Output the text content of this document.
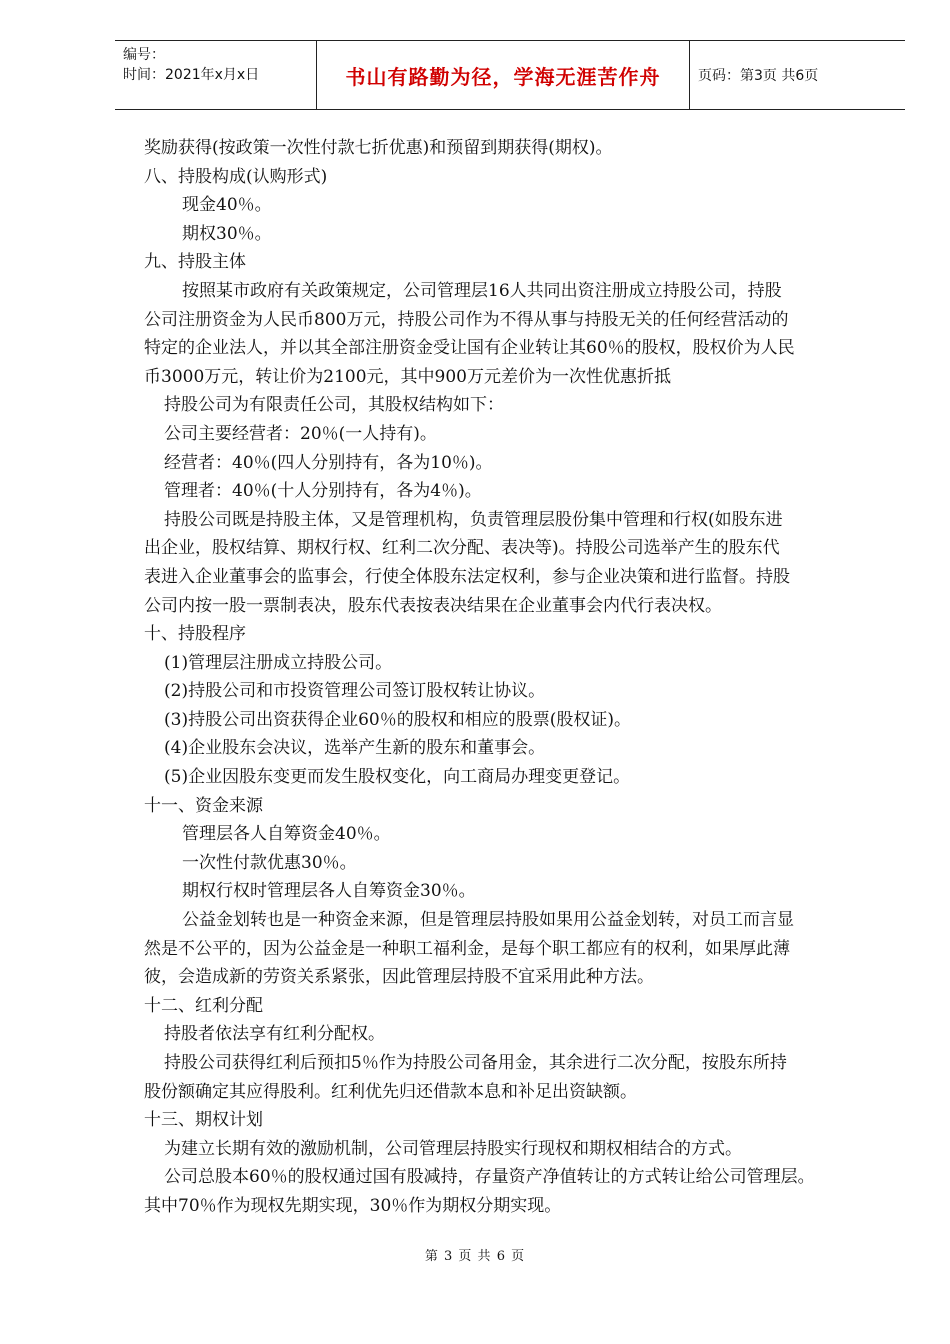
编号：
时间：2021年x月x日	书山有路勤为径，学海无涯苦作舟	页码：第3页 共6页
奖励获得(按政策一次性付款七折优惠)和预留到期获得(期权)。
八、持股构成(认购形式)
现金40％。
期权30％。
九、持股主体
按照某市政府有关政策规定，公司管理层16人共同出资注册成立持股公司，持股
公司注册资金为人民币800万元，持股公司作为不得从事与持股无关的任何经营活动的
特定的企业法人，并以其全部注册资金受让国有企业转让其60％的股权，股权价为人民
币3000万元，转让价为2100元，其中900万元差价为一次性优惠折抵
持股公司为有限责任公司，其股权结构如下：
公司主要经营者：20％(一人持有)。
经营者：40％(四人分别持有，各为10％)。
管理者：40％(十人分别持有，各为4％)。
持股公司既是持股主体，又是管理机构，负责管理层股份集中管理和行权(如股东进
出企业，股权结算、期权行权、红利二次分配、表决等)。持股公司选举产生的股东代
表进入企业董事会的监事会，行使全体股东法定权利，参与企业决策和进行监督。持股
公司内按一股一票制表决，股东代表按表决结果在企业董事会内代行表决权。
十、持股程序
(1)管理层注册成立持股公司。
(2)持股公司和市投资管理公司签订股权转让协议。
(3)持股公司出资获得企业60％的股权和相应的股票(股权证)。
(4)企业股东会决议，选举产生新的股东和董事会。
(5)企业因股东变更而发生股权变化，向工商局办理变更登记。
十一、资金来源
管理层各人自筹资金40％。
一次性付款优惠30％。
期权行权时管理层各人自筹资金30％。
公益金划转也是一种资金来源，但是管理层持股如果用公益金划转，对员工而言显
然是不公平的，因为公益金是一种职工福利金，是每个职工都应有的权利，如果厚此薄
彼，会造成新的劳资关系紧张，因此管理层持股不宜采用此种方法。
十二、红利分配
持股者依法享有红利分配权。
持股公司获得红利后预扣5％作为持股公司备用金，其余进行二次分配，按股东所持
股份额确定其应得股利。红利优先归还借款本息和补足出资缺额。
十三、期权计划
为建立长期有效的激励机制，公司管理层持股实行现权和期权相结合的方式。
公司总股本60％的股权通过国有股减持，存量资产净值转让的方式转让给公司管理层。
其中70％作为现权先期实现，30％作为期权分期实现。
第 3 页 共 6 页
